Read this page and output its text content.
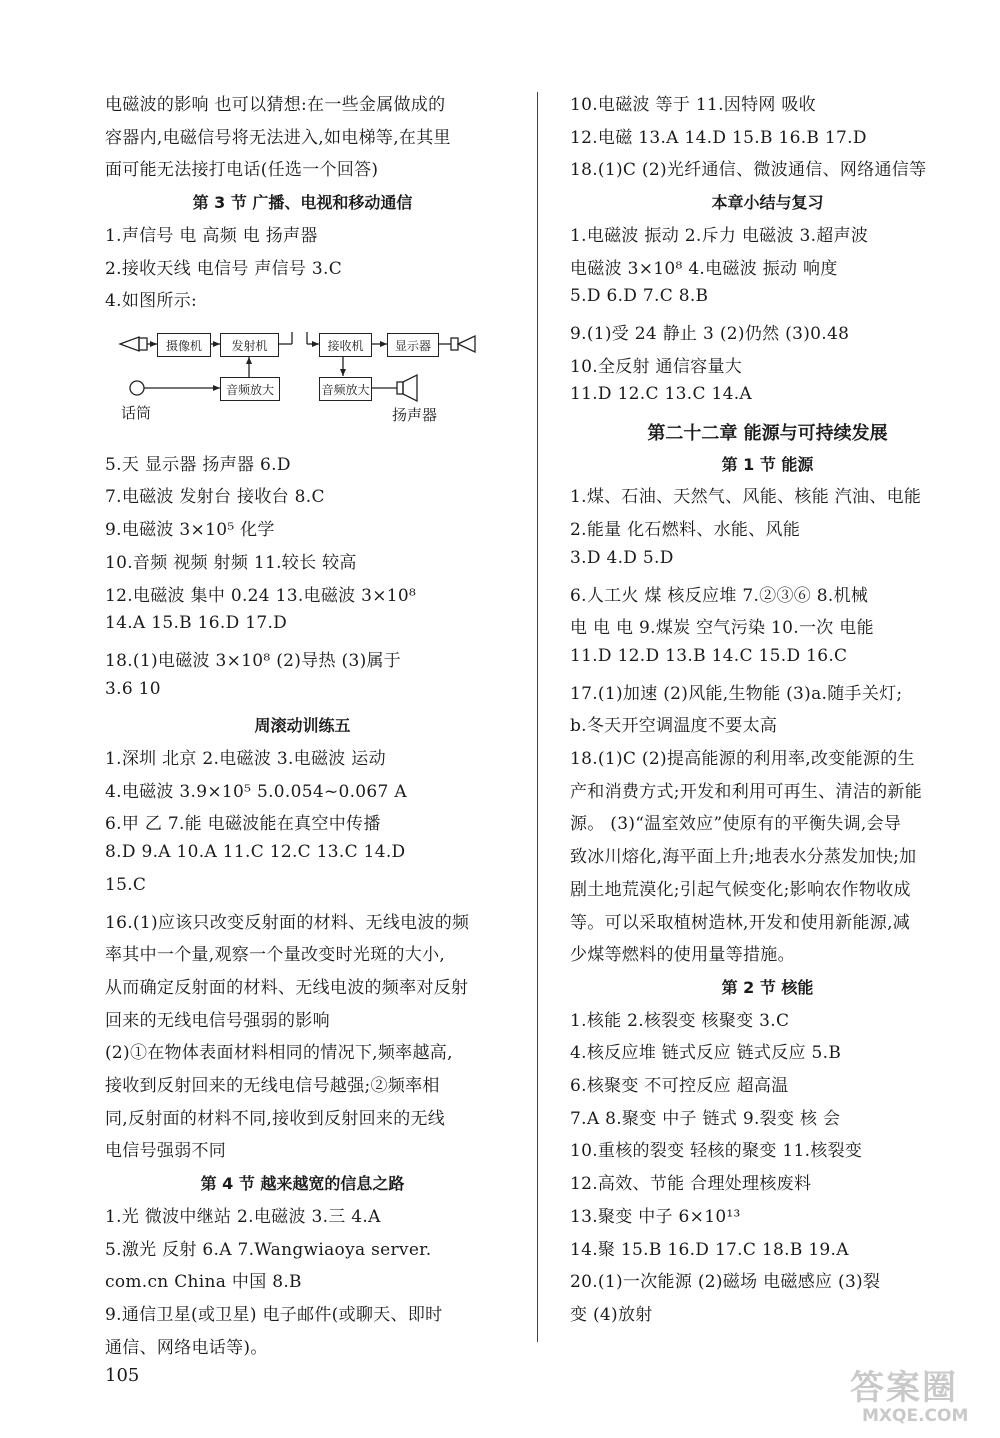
电磁波的影响 也可以猜想:在一些金属做成的
容器内,电磁信号将无法进入,如电梯等,在其里
面可能无法接打电话(任选一个回答)
1.声信号 电 高频 电 扬声器
2.接收天线 电信号 声信号 3.C
4.如图所示:
5.天 显示器 扬声器 6.D
7.电磁波 发射台 接收台 8.C
9.电磁波 3×10⁵ 化学
10.音频 视频 射频 11.较长 较高
12.电磁波 集中 0.24 13.电磁波 3×10⁸
14.A 15.B 16.D 17.D
18.(1)电磁波 3×10⁸ (2)导热 (3)属于
3.6 10
1.深圳 北京 2.电磁波 3.电磁波 运动
4.电磁波 3.9×10⁵ 5.0.054~0.067 A
6.甲 乙 7.能 电磁波能在真空中传播
8.D 9.A 10.A 11.C 12.C 13.C 14.D
15.C
16.(1)应该只改变反射面的材料、无线电波的频
率其中一个量,观察一个量改变时光斑的大小,
从而确定反射面的材料、无线电波的频率对反射
回来的无线电信号强弱的影响
(2)①在物体表面材料相同的情况下,频率越高,
接收到反射回来的无线电信号越强;②频率相
同,反射面的材料不同,接收到反射回来的无线
电信号强弱不同
1.光 微波中继站 2.电磁波 3.三 4.A
5.激光 反射 6.A 7.Wangwiaoya server.
com.cn China 中国 8.B
9.通信卫星(或卫星) 电子邮件(或聊天、即时
通信、网络电话等)。
第 3 节 广播、电视和移动通信
周滚动训练五
第 4 节 越来越宽的信息之路
摄像机	发射机
音频放大
接收机	显示器
音频放大
话筒	扬声器
10.电磁波 等于 11.因特网 吸收
12.电磁 13.A 14.D 15.B 16.B 17.D
18.(1)C (2)光纤通信、微波通信、网络通信等
1.电磁波 振动 2.斥力 电磁波 3.超声波
电磁波 3×10⁸ 4.电磁波 振动 响度
5.D 6.D 7.C 8.B
9.(1)受 24 静止 3 (2)仍然 (3)0.48
10.全反射 通信容量大
11.D 12.C 13.C 14.A
1.煤、石油、天然气、风能、核能 汽油、电能
2.能量 化石燃料、水能、风能
3.D 4.D 5.D
6.人工火 煤 核反应堆 7.②③⑥ 8.机械
电 电 电 9.煤炭 空气污染 10.一次 电能
11.D 12.D 13.B 14.C 15.D 16.C
17.(1)加速 (2)风能,生物能 (3)a.随手关灯;
b.冬天开空调温度不要太高
18.(1)C (2)提高能源的利用率,改变能源的生
产和消费方式;开发和利用可再生、清洁的新能
源。 (3)“温室效应”使原有的平衡失调,会导
致冰川熔化,海平面上升;地表水分蒸发加快;加
剧土地荒漠化;引起气候变化;影响农作物收成
等。可以采取植树造林,开发和使用新能源,减
少煤等燃料的使用量等措施。
1.核能 2.核裂变 核聚变 3.C
4.核反应堆 链式反应 链式反应 5.B
6.核聚变 不可控反应 超高温
7.A 8.聚变 中子 链式 9.裂变 核 会
10.重核的裂变 轻核的聚变 11.核裂变
12.高效、节能 合理处理核废料
13.聚变 中子 6×10¹³
14.聚 15.B 16.D 17.C 18.B 19.A
20.(1)一次能源 (2)磁场 电磁感应 (3)裂
变 (4)放射
本章小结与复习
第二十二章 能源与可持续发展
第 1 节 能源
第 2 节 核能
105	答案圈
MXQE.COM
